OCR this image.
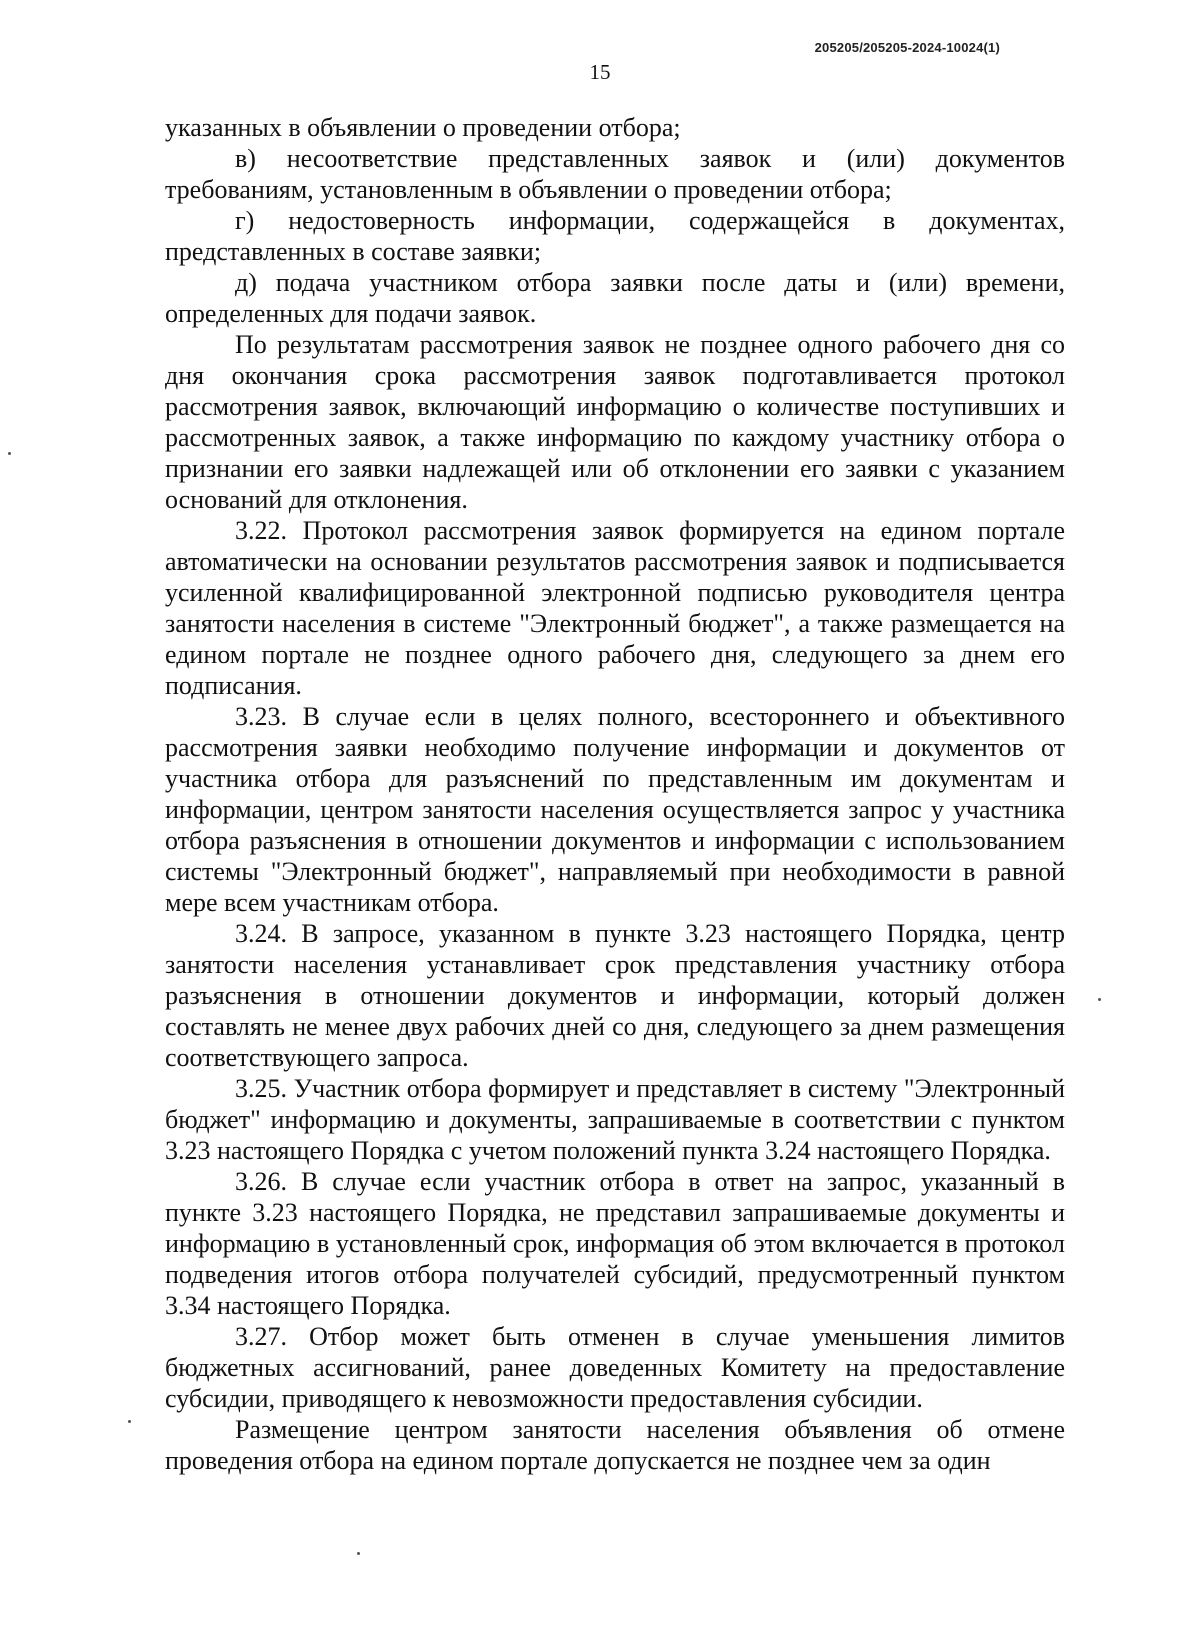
205205/205205-2024-10024(1)
15

указанных в объявлении о проведении отбора;

в) несоответствие представленных заявок и (или) документов требованиям, установленным в объявлении о проведении отбора;

г) недостоверность информации, содержащейся в документах, представленных в составе заявки;

д) подача участником отбора заявки после даты и (или) времени, определенных для подачи заявок.

По результатам рассмотрения заявок не позднее одного рабочего дня со дня окончания срока рассмотрения заявок подготавливается протокол рассмотрения заявок, включающий информацию о количестве поступивших и рассмотренных заявок, а также информацию по каждому участнику отбора о признании его заявки надлежащей или об отклонении его заявки с указанием оснований для отклонения.

3.22. Протокол рассмотрения заявок формируется на едином портале автоматически на основании результатов рассмотрения заявок и подписывается усиленной квалифицированной электронной подписью руководителя центра занятости населения в системе "Электронный бюджет", а также размещается на едином портале не позднее одного рабочего дня, следующего за днем его подписания.

3.23. В случае если в целях полного, всестороннего и объективного рассмотрения заявки необходимо получение информации и документов от участника отбора для разъяснений по представленным им документам и информации, центром занятости населения осуществляется запрос у участника отбора разъяснения в отношении документов и информации с использованием системы "Электронный бюджет", направляемый при необходимости в равной мере всем участникам отбора.

3.24. В запросе, указанном в пункте 3.23 настоящего Порядка, центр занятости населения устанавливает срок представления участнику отбора разъяснения в отношении документов и информации, который должен составлять не менее двух рабочих дней со дня, следующего за днем размещения соответствующего запроса.

3.25. Участник отбора формирует и представляет в систему "Электронный бюджет" информацию и документы, запрашиваемые в соответствии с пунктом 3.23 настоящего Порядка с учетом положений пункта 3.24 настоящего Порядка.

3.26. В случае если участник отбора в ответ на запрос, указанный в пункте 3.23 настоящего Порядка, не представил запрашиваемые документы и информацию в установленный срок, информация об этом включается в протокол подведения итогов отбора получателей субсидий, предусмотренный пунктом 3.34 настоящего Порядка.

3.27. Отбор может быть отменен в случае уменьшения лимитов бюджетных ассигнований, ранее доведенных Комитету на предоставление субсидии, приводящего к невозможности предоставления субсидии.

Размещение центром занятости населения объявления об отмене проведения отбора на едином портале допускается не позднее чем за один
